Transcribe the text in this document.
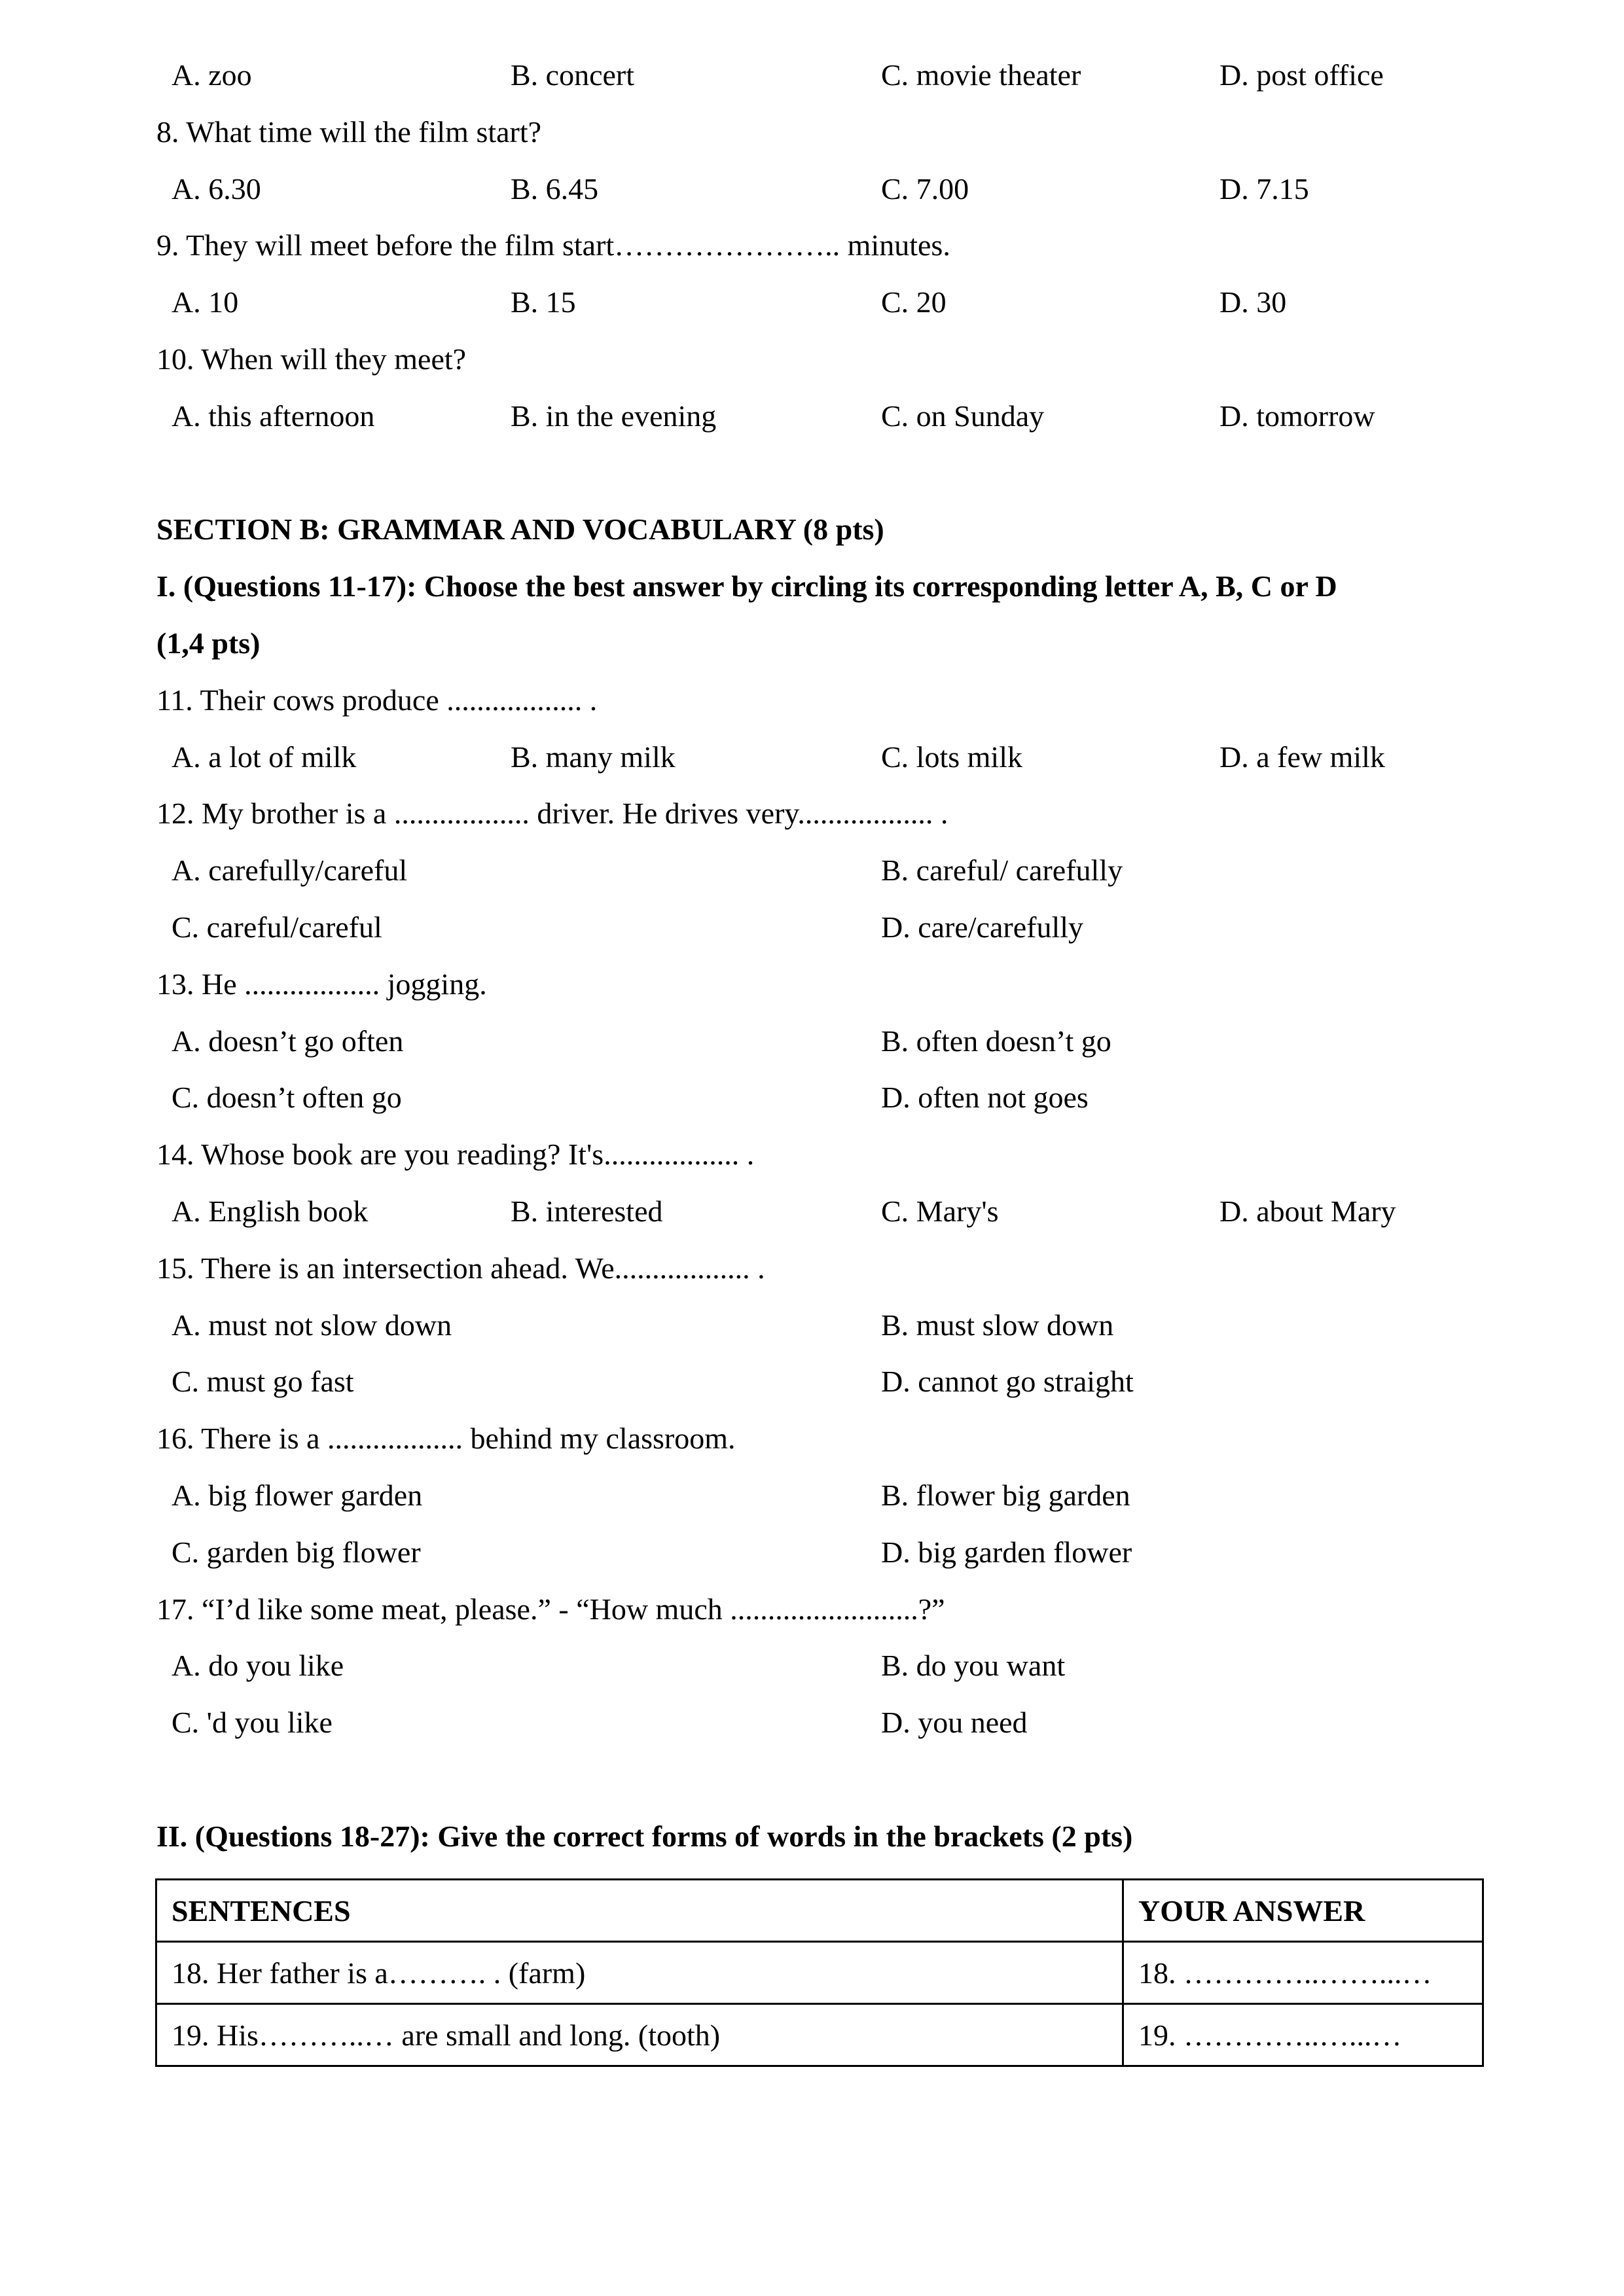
A. zoo	B. concert	C. movie theater	D. post office
8. What time will the film start?
A. 6.30	B. 6.45	C. 7.00	D. 7.15
9. They will meet before the film start………………….. minutes.
A. 10	B. 15	C. 20	D. 30
10. When will they meet?
A. this afternoon	B. in the evening	C. on Sunday	D. tomorrow
SECTION B: GRAMMAR AND VOCABULARY (8 pts)
I. (Questions 11-17): Choose the best answer by circling its corresponding letter A, B, C or D
(1,4 pts)
11. Their cows produce .................. .
A. a lot of milk	B. many milk	C. lots milk	D. a few milk
12. My brother is a .................. driver. He drives very.................. .
A. carefully/careful	B. careful/ carefully
C. careful/careful	D. care/carefully
13. He .................. jogging.
A. doesn’t go often	B. often doesn’t go
C. doesn’t often go	D. often not goes
14. Whose book are you reading? It's.................. .
A. English book	B. interested	C. Mary's	D. about Mary
15. There is an intersection ahead. We.................. .
A. must not slow down	B. must slow down
C. must go fast	D. cannot go straight
16. There is a .................. behind my classroom.
A. big flower garden	B. flower big garden
C. garden big flower	D. big garden flower
17. “I’d like some meat, please.” - “How much .........................?”
A. do you like	B. do you want
C. 'd you like	D. you need
II. (Questions 18-27): Give the correct forms of words in the brackets (2 pts)
SENTENCES	YOUR ANSWER
18. Her father is a………. . (farm)	18. …………..……...…
19. His………..… are small and long. (tooth)	19. …………..…...…
